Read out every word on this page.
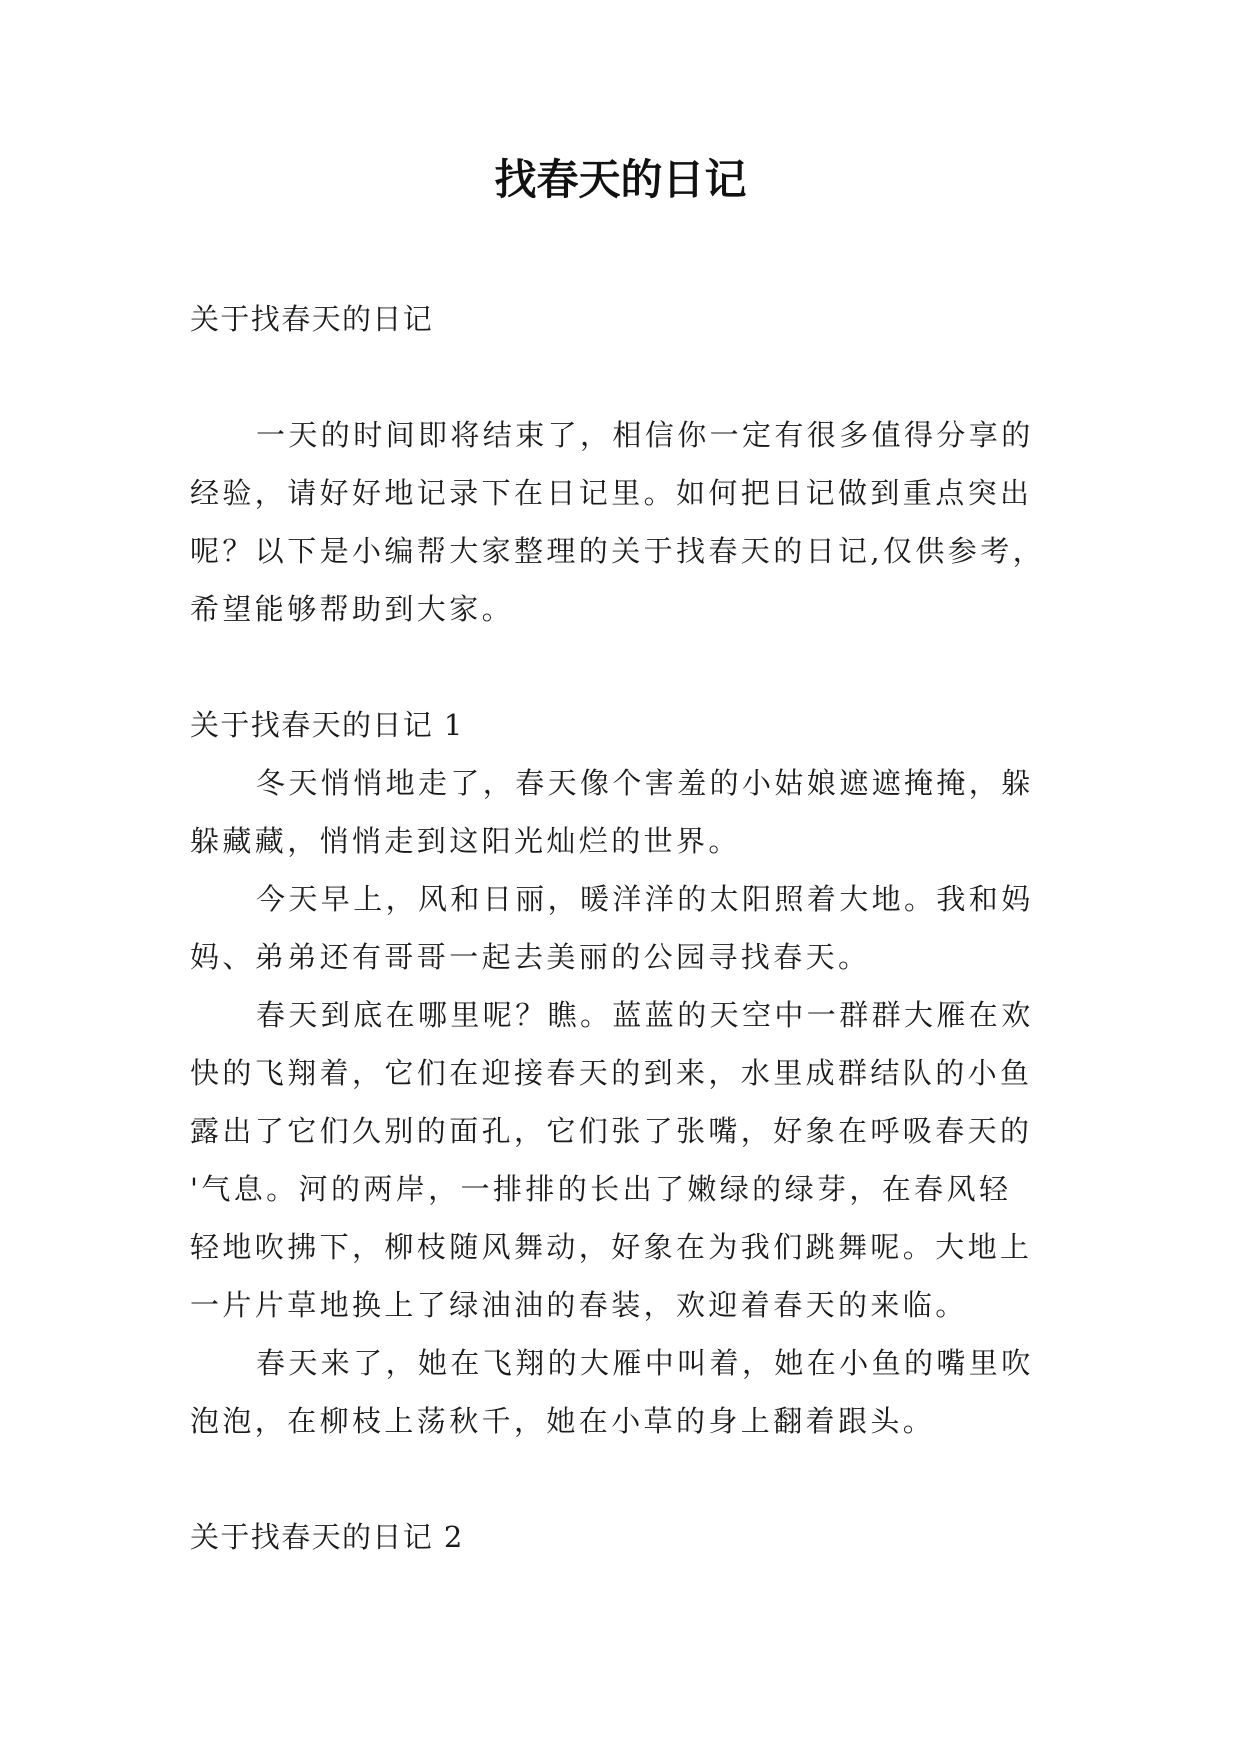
找春天的日记
关于找春天的日记
一天的时间即将结束了，相信你一定有很多值得分享的
经验，请好好地记录下在日记里。如何把日记做到重点突出
呢？以下是小编帮大家整理的关于找春天的日记,仅供参考，
希望能够帮助到大家。
关于找春天的日记 1
冬天悄悄地走了，春天像个害羞的小姑娘遮遮掩掩，躲
躲藏藏，悄悄走到这阳光灿烂的世界。
今天早上，风和日丽，暖洋洋的太阳照着大地。我和妈
妈、弟弟还有哥哥一起去美丽的公园寻找春天。
春天到底在哪里呢？瞧。蓝蓝的天空中一群群大雁在欢
快的飞翔着，它们在迎接春天的到来，水里成群结队的小鱼
露出了它们久别的面孔，它们张了张嘴，好象在呼吸春天的
'气息。河的两岸，一排排的长出了嫩绿的绿芽，在春风轻
轻地吹拂下，柳枝随风舞动，好象在为我们跳舞呢。大地上
一片片草地换上了绿油油的春装，欢迎着春天的来临。
春天来了，她在飞翔的大雁中叫着，她在小鱼的嘴里吹
泡泡，在柳枝上荡秋千，她在小草的身上翻着跟头。
关于找春天的日记 2
